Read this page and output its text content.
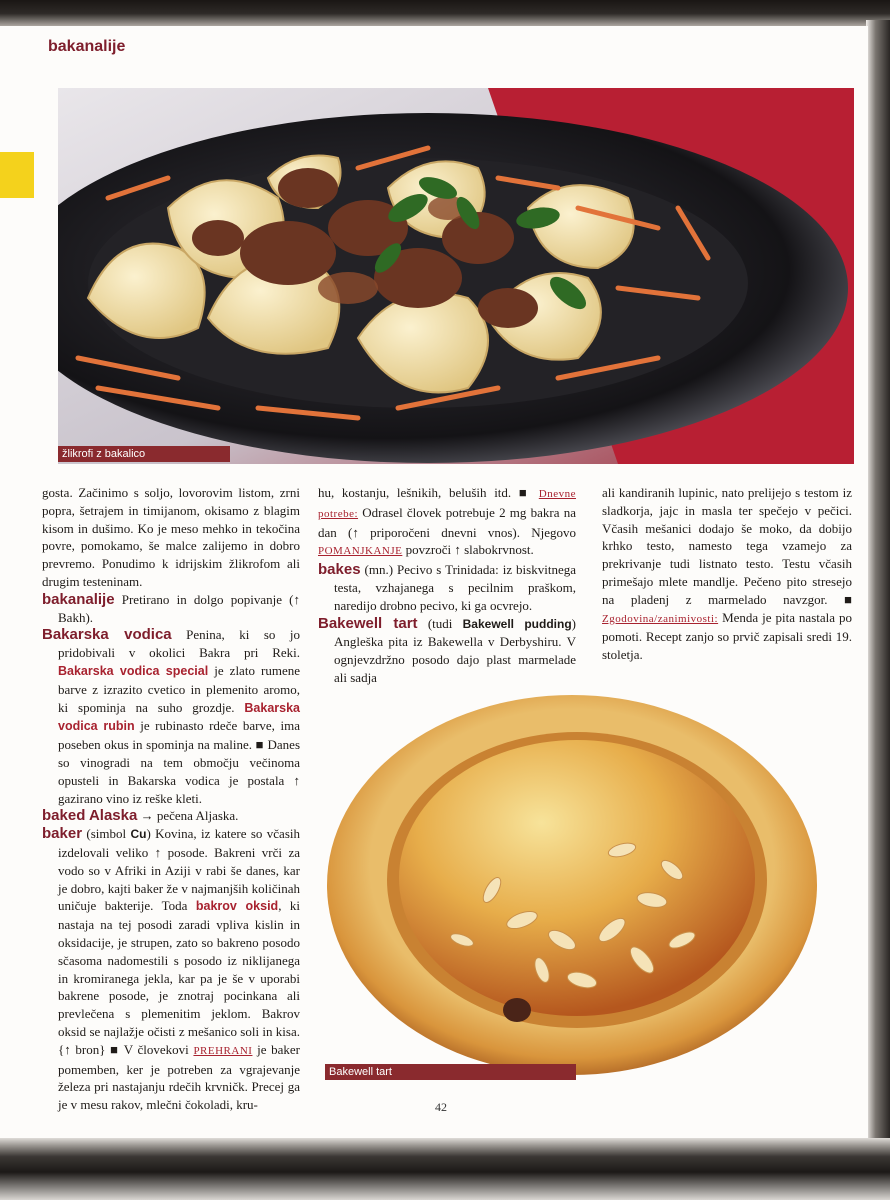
bakanalije
žlikrofi z bakalico

gosta. Začinimo s soljo, lovorovim listom, zrni popra, šetrajem in timijanom, okisamo z blagim kisom in dušimo. Ko je meso mehko in tekočina povre, pomokamo, še malce zalijemo in dobro prevremo. Ponudimo k idrijskim žlikrofom ali drugim testeninam.

bakanalije Pretirano in dolgo popivanje (↑ Bakh).

Bakarska vodica Penina, ki so jo pridobivali v okolici Bakra pri Reki. Bakarska vodica special je zlato rumene barve z izrazito cvetico in plemenito aromo, ki spominja na suho grozdje. Bakarska vodica rubin je rubinasto rdeče barve, ima poseben okus in spominja na maline. ■ Danes so vinogradi na tem območju večinoma opusteli in Bakarska vodica je postala ↑ gazirano vino iz reške kleti.

baked Alaska → pečena Aljaska.

baker (simbol Cu) Kovina, iz katere so včasih izdelovali veliko ↑ posode. Bakreni vrči za vodo so v Afriki in Aziji v rabi še danes, kar je dobro, kajti baker že v najmanjših količinah uničuje bakterije. Toda bakrov oksid, ki nastaja na tej posodi zaradi vpliva kislin in oksidacije, je strupen, zato so bakreno posodo sčasoma nadomestili s posodo iz niklijanega in kromiranega jekla, kar pa je še v uporabi bakrene posode, je znotraj pocinkana ali prevlečena s plemenitim jeklom. Bakrov oksid se najlažje očisti z mešanico soli in kisa. {↑ bron} ■ V človekovi PREHRANI je baker pomemben, ker je potreben za vgrajevanje železa pri nastajanju rdečih krvničk. Precej ga je v mesu rakov, mlečni čokoladi, kru-

hu, kostanju, lešnikih, beluših itd. ■ Dnevne potrebe: Odrasel človek potrebuje 2 mg bakra na dan (↑ priporočeni dnevni vnos). Njegovo POMANJKANJE povzroči ↑ slabokrvnost.

bakes (mn.) Pecivo s Trinidada: iz biskvitnega testa, vzhajanega s pecilnim praškom, naredijo drobno pecivo, ki ga ocvrejo.

Bakewell tart (tudi Bakewell pudding) Angleška pita iz Bakewella v Derbyshiru. V ognjevzdržno posodo dajo plast marmelade ali sadja

ali kandiranih lupinic, nato prelijejo s testom iz sladkorja, jajc in masla ter spečejo v pečici. Včasih mešanici dodajo še moko, da dobijo krhko testo, namesto tega vzamejo za prekrivanje tudi listnato testo. Testu včasih primešajo mlete mandlje. Pečeno pito stresejo na pladenj z marmelado navzgor. ■ Zgodovina/zanimivosti: Menda je pita nastala po pomoti. Recept zanjo so prvič zapisali sredi 19. stoletja.

Bakewell tart
42
